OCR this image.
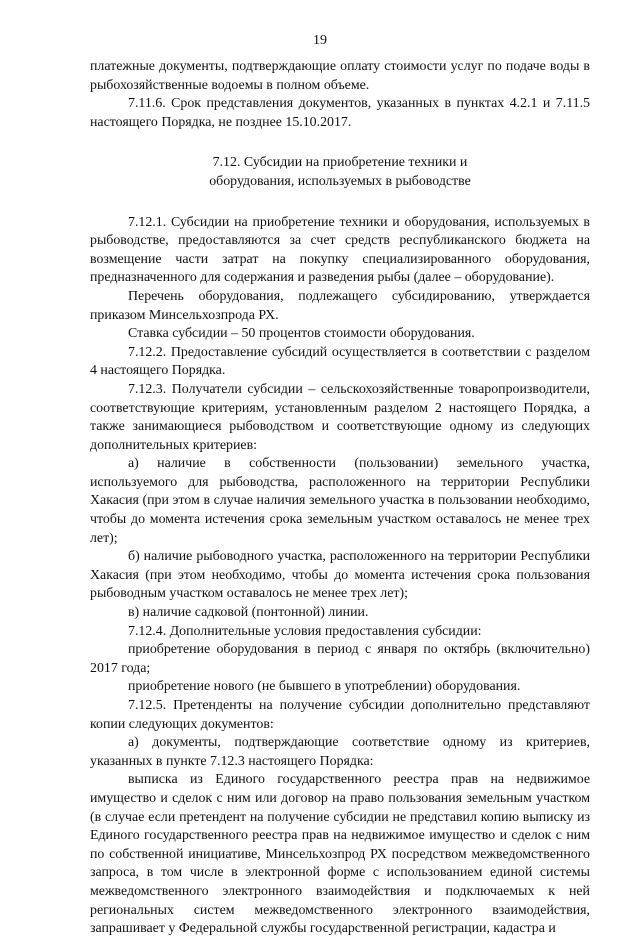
19

платежные документы, подтверждающие оплату стоимости услуг по подаче воды в рыбохозяйственные водоемы в полном объеме.

7.11.6. Срок представления документов, указанных в пунктах 4.2.1 и 7.11.5 настоящего Порядка, не позднее 15.10.2017.

7.12. Субсидии на приобретение техники и
оборудования, используемых в рыбоводстве

7.12.1. Субсидии на приобретение техники и оборудования, используемых в рыбоводстве, предоставляются за счет средств республиканского бюджета на возмещение части затрат на покупку специализированного оборудования, предназначенного для содержания и разведения рыбы (далее – оборудование).

Перечень оборудования, подлежащего субсидированию, утверждается приказом Минсельхозпрода РХ.

Ставка субсидии – 50 процентов стоимости оборудования.

7.12.2. Предоставление субсидий осуществляется в соответствии с разделом 4 настоящего Порядка.

7.12.3. Получатели субсидии – сельскохозяйственные товаропроизводители, соответствующие критериям, установленным разделом 2 настоящего Порядка, а также занимающиеся рыбоводством и соответствующие одному из следующих дополнительных критериев:

а) наличие в собственности (пользовании) земельного участка, используемого для рыбоводства, расположенного на территории Республики Хакасия (при этом в случае наличия земельного участка в пользовании необходимо, чтобы до момента истечения срока земельным участком оставалось не менее трех лет);

б) наличие рыбоводного участка, расположенного на территории Республики Хакасия (при этом необходимо, чтобы до момента истечения срока пользования рыбоводным участком оставалось не менее трех лет);

в) наличие садковой (понтонной) линии.

7.12.4. Дополнительные условия предоставления субсидии:

приобретение оборудования в период с января по октябрь (включительно) 2017 года;

приобретение нового (не бывшего в употреблении) оборудования.

7.12.5. Претенденты на получение субсидии дополнительно представляют копии следующих документов:

а) документы, подтверждающие соответствие одному из критериев, указанных в пункте 7.12.3 настоящего Порядка:

выписка из Единого государственного реестра прав на недвижимое имущество и сделок с ним или договор на право пользования земельным участком (в случае если претендент на получение субсидии не представил копию выписку из Единого государственного реестра прав на недвижимое имущество и сделок с ним по собственной инициативе, Минсельхозпрод РХ посредством межведомственного запроса, в том числе в электронной форме с использованием единой системы межведомственного электронного взаимодействия и подключаемых к ней региональных систем межведомственного электронного взаимодействия, запрашивает у Федеральной службы государственной регистрации, кадастра и
